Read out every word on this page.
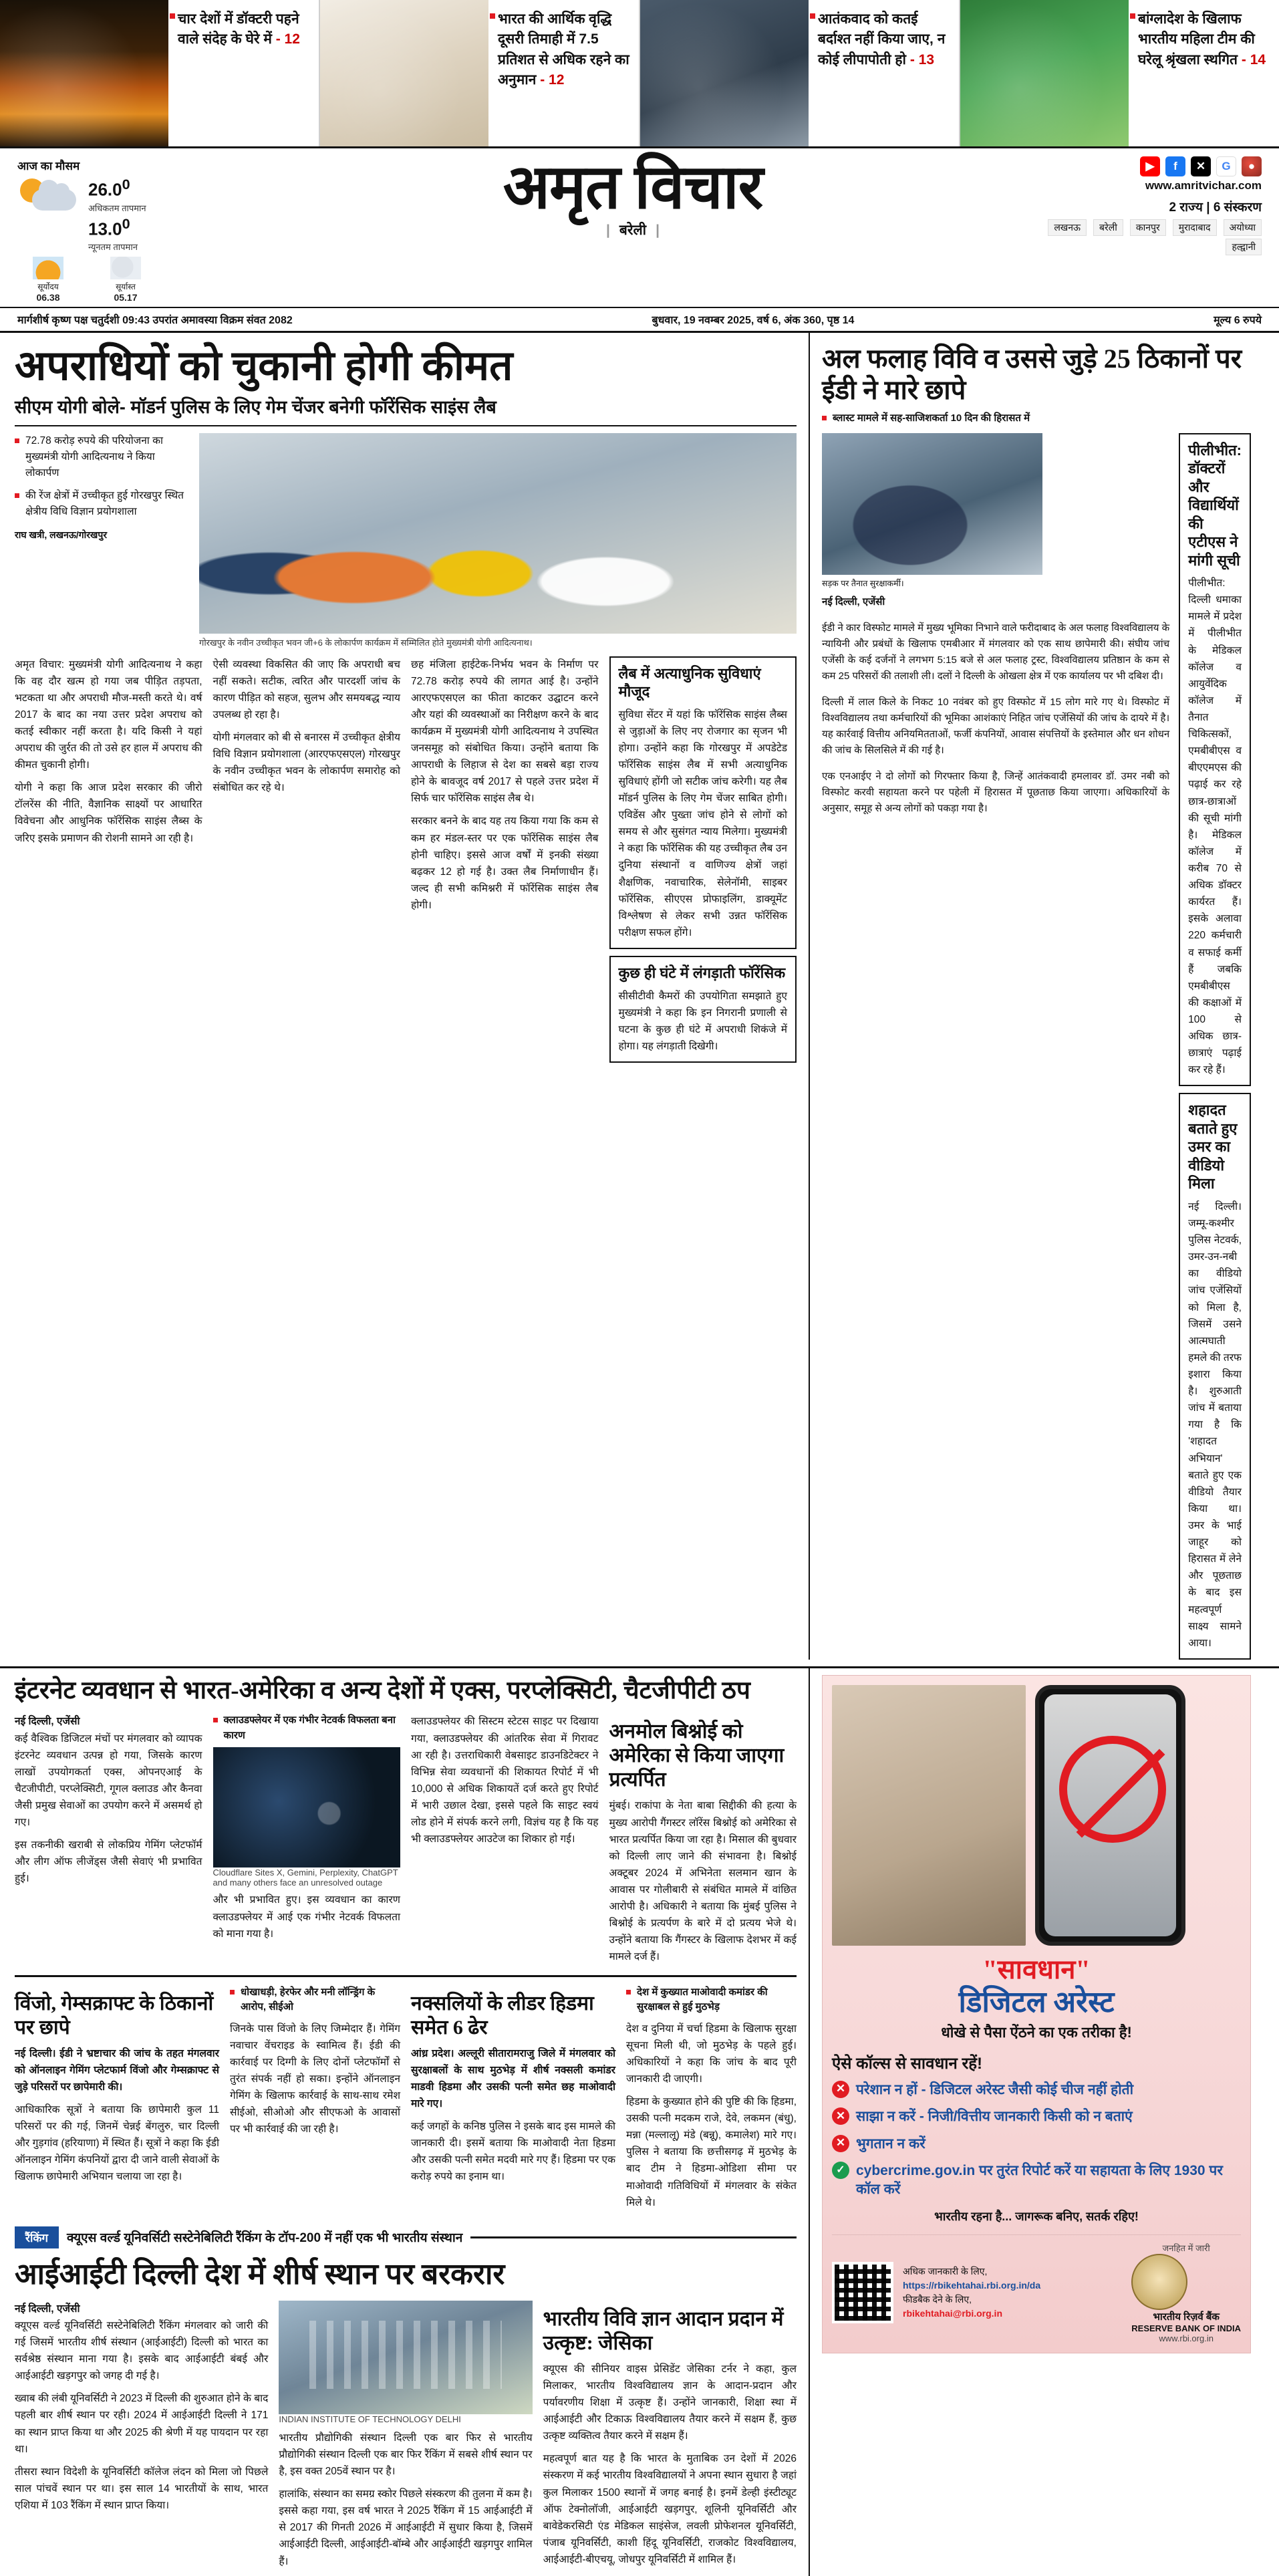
चार देशों में डॉक्टरी पहने वाले संदेह के घेरे में - 12
भारत की आर्थिक वृद्धि दूसरी तिमाही में 7.5 प्रतिशत से अधिक रहने का अनुमान - 12
आतंकवाद को कतई बर्दाश्त नहीं किया जाए, न कोई लीपापोती हो - 13
बांग्लादेश के खिलाफ भारतीय महिला टीम की घरेलू श्रृंखला स्थगित - 14
आज का मौसम
26.0$^0$
अधिकतम तापमान
13.0$^0$
न्यूनतम तापमान
सूर्योदय
06.38
सूर्यास्त
05.17
अमृत विचार
| बरेली |
▶	f	✕	G	●
www.amritvichar.com
2 राज्य | 6 संस्करण
लखनऊ	बरेली	कानपुर	मुरादाबाद	अयोध्या
हल्द्वानी
मार्गशीर्ष कृष्ण पक्ष चतुर्दशी 09:43 उपरांत अमावस्या विक्रम संवत 2082	बुधवार, 19 नवम्बर 2025, वर्ष 6, अंक 360, पृष्ठ 14	मूल्य 6 रुपये
अपराधियों को चुकानी होगी कीमत
सीएम योगी बोले- मॉडर्न पुलिस के लिए गेम चेंजर बनेगी फॉरेंसिक साइंस लैब
72.78 करोड़ रुपये की परियोजना का मुख्यमंत्री योगी आदित्यनाथ ने किया लोकार्पण
की रेंज क्षेत्रों में उच्चीकृत हुई गोरखपुर स्थित क्षेत्रीय विधि विज्ञान प्रयोगशाला
राघ खत्री, लखनऊ/गोरखपुर
गोरखपुर के नवीन उच्चीकृत भवन जी+6 के लोकार्पण कार्यक्रम में सम्मिलित होते मुख्यमंत्री योगी आदित्यनाथ।

अमृत विचार: मुख्यमंत्री योगी आदित्यनाथ ने कहा कि वह दौर खत्म हो गया जब पीड़ित तड़पता, भटकता था और अपराधी मौज-मस्ती करते थे। वर्ष 2017 के बाद का नया उत्तर प्रदेश अपराध को कतई स्वीकार नहीं करता है। यदि किसी ने यहां अपराध की जुर्रत की तो उसे हर हाल में अपराध की कीमत चुकानी होगी।

योगी ने कहा कि आज प्रदेश सरकार की जीरो टॉलरेंस की नीति, वैज्ञानिक साक्ष्यों पर आधारित विवेचना और आधुनिक फॉरेंसिक साइंस लैब्स के जरिए इसके प्रमाणन की रोशनी सामने आ रही है।

ऐसी व्यवस्था विकसित की जाए कि अपराधी बच नहीं सकते। सटीक, त्वरित और पारदर्शी जांच के कारण पीड़ित को सहज, सुलभ और समयबद्ध न्याय उपलब्ध हो रहा है।

योगी मंगलवार को बी से बनारस में उच्चीकृत क्षेत्रीय विधि विज्ञान प्रयोगशाला (आरएफएसएल) गोरखपुर के नवीन उच्चीकृत भवन के लोकार्पण समारोह को संबोधित कर रहे थे।

छह मंजिला हाईटेक-निर्भय भवन के निर्माण पर 72.78 करोड़ रुपये की लागत आई है। उन्होंने आरएफएसएल का फीता काटकर उद्घाटन करने और यहां की व्यवस्थाओं का निरीक्षण करने के बाद कार्यक्रम में मुख्यमंत्री योगी आदित्यनाथ ने उपस्थित जनसमूह को संबोधित किया। उन्होंने बताया कि आपराधी के लिहाज से देश का सबसे बड़ा राज्य होने के बावजूद वर्ष 2017 से पहले उत्तर प्रदेश में सिर्फ चार फॉरेंसिक साइंस लैब थे।

सरकार बनने के बाद यह तय किया गया कि कम से कम हर मंडल-स्तर पर एक फॉरेंसिक साइंस लैब होनी चाहिए। इससे आज वर्षों में इनकी संख्या बढ़कर 12 हो गई है। उक्त लैब निर्माणाधीन हैं। जल्द ही सभी कमिश्नरी में फॉरेंसिक साइंस लैब होगी।

लैब में अत्याधुनिक सुविधाएं मौजूद
सुविधा सेंटर में यहां कि फॉरेंसिक साइंस लैब्स से जुड़ाओं के लिए नए रोजगार का सृजन भी होगा। उन्होंने कहा कि गोरखपुर में अपडेटेड फॉरेंसिक साइंस लैब में सभी अत्याधुनिक सुविधाएं होंगी जो सटीक जांच करेगी। यह लैब मॉडर्न पुलिस के लिए गेम चेंजर साबित होगी। एविडेंस और पुख्ता जांच होने से लोगों को समय से और सुसंगत न्याय मिलेगा। मुख्यमंत्री ने कहा कि फॉरेंसिक की यह उच्चीकृत लैब उन दुनिया संस्थानों व वाणिज्य क्षेत्रों जहां शैक्षणिक, नवाचारिक, सेलेनॉमी, साइबर फॉरेंसिक, सीएएस प्रोफाइलिंग, डाक्यूमेंट विश्लेषण से लेकर सभी उन्नत फॉरेंसिक परीक्षण सफल होंगे।
कुछ ही घंटे में लंगड़ाती फॉरेंसिक
सीसीटीवी कैमरों की उपयोगिता समझाते हुए मुख्यमंत्री ने कहा कि इन निगरानी प्रणाली से घटना के कुछ ही घंटे में अपराधी शिकंजे में होगा। यह लंगड़ाती दिखेगी।
अल फलाह विवि व उससे जुड़े 25 ठिकानों पर ईडी ने मारे छापे
ब्लास्ट मामले में सह-साजिशकर्ता 10 दिन की हिरासत में
सड़क पर तैनात सुरक्षाकर्मी।
नई दिल्ली, एजेंसी

ईडी ने कार विस्फोट मामले में मुख्य भूमिका निभाने वाले फरीदाबाद के अल फलाह विश्वविद्यालय के न्यायिनी और प्रबंधों के खिलाफ एमबीआर में मंगलवार को एक साथ छापेमारी की। संघीय जांच एजेंसी के कई दर्जनों ने लगभग 5:15 बजे से अल फलाह ट्रस्ट, विश्वविद्यालय प्रतिष्ठान के कम से कम 25 परिसरों की तलाशी ली। दलों ने दिल्ली के ओखला क्षेत्र में एक कार्यालय पर भी दबिश दी।

दिल्ली में लाल किले के निकट 10 नवंबर को हुए विस्फोट में 15 लोग मारे गए थे। विस्फोट में विश्वविद्यालय तथा कर्मचारियों की भूमिका आशंकाएं निहित जांच एजेंसियों की जांच के दायरे में है। यह कार्रवाई वित्तीय अनियमितताओं, फर्जी कंपनियों, आवास संपत्तियों के इस्तेमाल और धन शोधन की जांच के सिलसिले में की गई है।

एक एनआईए ने दो लोगों को गिरफ्तार किया है, जिन्हें आतंकवादी हमलावर डॉ. उमर नबी को विस्फोट करवी सहायता करने पर पहेली में हिरासत में पूछताछ किया जाएगा। अधिकारियों के अनुसार, समूह से अन्य लोगों को पकड़ा गया है।

पीलीभीत: डॉक्टरों और विद्यार्थियों की एटीएस ने मांगी सूची
पीलीभीत: दिल्ली धमाका मामले में प्रदेश में पीलीभीत के मेडिकल कॉलेज व आयुर्वेदिक कॉलेज में तैनात चिकित्सकों, एमबीबीएस व बीएएमएस की पढ़ाई कर रहे छात्र-छात्राओं की सूची मांगी है। मेडिकल कॉलेज में करीब 70 से अधिक डॉक्टर कार्यरत हैं। इसके अलावा 220 कर्मचारी व सफाई कर्मी हैं जबकि एमबीबीएस की कक्षाओं में 100 से अधिक छात्र-छात्राएं पढ़ाई कर रहे हैं।
शहादत बताते हुए उमर का वीडियो मिला
नई दिल्ली। जम्मू-कश्मीर पुलिस नेटवर्क, उमर-उन-नबी का वीडियो जांच एजेंसियों को मिला है, जिसमें उसने आत्मघाती हमले की तरफ इशारा किया है। शुरुआती जांच में बताया गया है कि 'शहादत अभियान' बताते हुए एक वीडियो तैयार किया था। उमर के भाई जाहूर को हिरासत में लेने और पूछताछ के बाद इस महत्वपूर्ण साक्ष्य सामने आया।
इंटरनेट व्यवधान से भारत-अमेरिका व अन्य देशों में एक्स, परप्लेक्सिटी, चैटजीपीटी ठप
नई दिल्ली, एजेंसी

कई वैश्विक डिजिटल मंचों पर मंगलवार को व्यापक इंटरनेट व्यवधान उत्पन्न हो गया, जिसके कारण लाखों उपयोगकर्ता एक्स, ओपनएआई के चैटजीपीटी, परप्लेक्सिटी, गूगल क्लाउड और कैनवा जैसी प्रमुख सेवाओं का उपयोग करने में असमर्थ हो गए।

इस तकनीकी खराबी से लोकप्रिय गेमिंग प्लेटफॉर्म और लीग ऑफ लीजेंड्स जैसी सेवाएं भी प्रभावित हुई।

क्लाउडफ्लेयर में एक गंभीर नेटवर्क विफलता बना कारण
Cloudflare Sites X, Gemini, Perplexity, ChatGPT and many others face an unresolved outage

और भी प्रभावित हुए। इस व्यवधान का कारण क्लाउडफ्लेयर में आई एक गंभीर नेटवर्क विफलता को माना गया है।

क्लाउडफ्लेयर की सिस्टम स्टेटस साइट पर दिखाया गया, क्लाउडफ्लेयर की आंतरिक सेवा में गिरावट आ रही है। उत्तराधिकारी वेबसाइट डाउनडिटेक्टर ने विभिन्न सेवा व्यवधानों की शिकायत रिपोर्ट में भी 10,000 से अधिक शिकायतें दर्ज करते हुए रिपोर्ट में भारी उछाल देखा, इससे पहले कि साइट स्वयं लोड होने में संपर्क करने लगी, विज्ञंच यह है कि यह भी क्लाउडफ्लेयर आउटेज का शिकार हो गई।

अनमोल बिश्नोई को अमेरिका से किया जाएगा प्रत्यर्पित
मुंबई। राकांपा के नेता बाबा सिद्दीकी की हत्या के मुख्य आरोपी गैंगस्टर लॉरेंस बिश्नोई को अमेरिका से भारत प्रत्यर्पित किया जा रहा है। मिसाल की बुधवार को दिल्ली लाए जाने की संभावना है। बिश्नोई अक्टूबर 2024 में अभिनेता सलमान खान के आवास पर गोलीबारी से संबंधित मामले में वांछित आरोपी है। अधिकारी ने बताया कि मुंबई पुलिस ने बिश्नोई के प्रत्यर्पण के बारे में दो प्रत्यय भेजे थे। उन्होंने बताया कि गैंगस्टर के खिलाफ देशभर में कई मामले दर्ज हैं।
विंजो, गेम्सक्राफ्ट के ठिकानों पर छापे

नई दिल्ली। ईडी ने भ्रष्टाचार की जांच के तहत मंगलवार को ऑनलाइन गेमिंग प्लेटफार्म विंजो और गेम्सक्राफ्ट से जुड़े परिसरों पर छापेमारी की।

आधिकारिक सूत्रों ने बताया कि छापेमारी कुल 11 परिसरों पर की गई, जिनमें चेन्नई बेंगलुरु, चार दिल्ली और गुड़गांव (हरियाणा) में स्थित हैं। सूत्रों ने कहा कि ईडी ऑनलाइन गेमिंग कंपनियों द्वारा दी जाने वाली सेवाओं के खिलाफ छापेमारी अभियान चलाया जा रहा है।

धोखाधड़ी, हेरफेर और मनी लॉन्ड्रिंग के आरोप, सीईओ

जिनके पास विंजो के लिए जिम्मेदार हैं। गेमिंग नवाचार वेंचराइड के स्वामित्व हैं। ईडी की कार्रवाई पर दिग्गी के लिए दोनों प्लेटफॉर्मों से तुरंत संपर्क नहीं हो सका। इन्होंने ऑनलाइन गेमिंग के खिलाफ कार्रवाई के साथ-साथ रमेश सीईओ, सीओओ और सीएफओ के आवासों पर भी कार्रवाई की जा रही है।

नक्सलियों के लीडर हिडमा समेत 6 ढेर

आंध्र प्रदेश। अल्लूरी सीतारामराजु जिले में मंगलवार को सुरक्षाबलों के साथ मुठभेड़ में शीर्ष नक्सली कमांडर माडवी हिडमा और उसकी पत्नी समेत छह माओवादी मारे गए।

कई जगहों के कनिष्ठ पुलिस ने इसके बाद इस मामले की जानकारी दी। इसमें बताया कि माओवादी नेता हिडमा और उसकी पत्नी समेत मदवी मारे गए हैं। हिडमा पर एक करोड़ रुपये का इनाम था।

देश में कुख्यात माओवादी कमांडर की सुरक्षाबल से हुई मुठभेड़

देश व दुनिया में चर्चा हिडमा के खिलाफ सुरक्षा सूचना मिली थी, जो मुठभेड़ के पहले हुई। अधिकारियों ने कहा कि जांच के बाद पूरी जानकारी दी जाएगी।

हिडमा के कुख्यात होने की पुष्टि की कि हिडमा, उसकी पत्नी मदकम राजे, देवे, लकमन (बंधु), मन्ना (मल्लालू) मंडे (बन्नू), कमालेश) मारे गए। पुलिस ने बताया कि छत्तीसगढ़ में मुठभेड़ के बाद टीम ने हिडमा-ओडिशा सीमा पर माओवादी गतिविधियों में मंगलवार के संकेत मिले थे।

रैंकिंग	क्यूएस वर्ल्ड यूनिवर्सिटी सस्टेनेबिलिटी रैंकिंग के टॉप-200 में नहीं एक भी भारतीय संस्थान
आईआईटी दिल्ली देश में शीर्ष स्थान पर बरकरार
नई दिल्ली, एजेंसी

क्यूएस वर्ल्ड यूनिवर्सिटी सस्टेनेबिलिटी रैंकिंग मंगलवार को जारी की गई जिसमें भारतीय शीर्ष संस्थान (आईआईटी) दिल्ली को भारत का सर्वश्रेष्ठ संस्थान माना गया है। इसके बाद आईआईटी बंबई और आईआईटी खड़गपुर को जगह दी गई है।

ख्वाब की लंबी यूनिवर्सिटी ने 2023 में दिल्ली की शुरुआत होने के बाद पहली बार शीर्ष स्थान पर रही। 2024 में आईआईटी दिल्ली ने 171 का स्थान प्राप्त किया था और 2025 की श्रेणी में यह पायदान पर रहा था।

तीसरा स्थान विदेशी के यूनिवर्सिटी कॉलेज लंदन को मिला जो पिछले साल पांचवें स्थान पर था। इस साल 14 भारतीयों के साथ, भारत एशिया में 103 रैंकिंग में स्थान प्राप्त किया।

INDIAN INSTITUTE OF TECHNOLOGY DELHI

भारतीय प्रौद्योगिकी संस्थान दिल्ली एक बार फिर से भारतीय प्रौद्योगिकी संस्थान दिल्ली एक बार फिर रैंकिंग में सबसे शीर्ष स्थान पर है, इस वक्त 205वें स्थान पर है।

हालांकि, संस्थान का समग्र स्कोर पिछले संस्करण की तुलना में कम है। इससे कहा गया, इस वर्ष भारत ने 2025 रैंकिंग में 15 आईआईटी में से 2017 की गिनती 2026 में आईआईटी में सुधार किया है, जिसमें आईआईटी दिल्ली, आईआईटी-बॉम्बे और आईआईटी खड़गपुर शामिल हैं।

भारतीय विवि ज्ञान आदान प्रदान में उत्कृष्ट: जेसिका

क्यूएस की सीनियर वाइस प्रेसिडेंट जेसिका टर्नर ने कहा, कुल मिलाकर, भारतीय विश्वविद्यालय ज्ञान के आदान-प्रदान और पर्यावरणीय शिक्षा में उत्कृष्ट हैं। उन्होंने जानकारी, शिक्षा स्था में आईआईटी और टिकाऊ विश्वविद्यालय तैयार करने में सक्षम हैं, कुछ उत्कृष्ट व्यक्तित्व तैयार करने में सक्षम हैं।

महत्वपूर्ण बात यह है कि भारत के मुताबिक उन देशों में 2026 संस्करण में कई भारतीय विश्वविद्यालयों ने अपना स्थान सुधारा है जहां कुल मिलाकर 1500 स्थानों में जगह बनाई है। इनमें डेल्ही इंस्टीट्यूट ऑफ टेक्नोलॉजी, आईआईटी खड़गपुर, शूलिनी यूनिवर्सिटी और बावेडेकरसिटी एंड मेडिकल साइंसेज, लवली प्रोफेशनल यूनिवर्सिटी, पंजाब यूनिवर्सिटी, काशी हिंदू यूनिवर्सिटी, राजकोट विश्वविद्यालय, आईआईटी-बीएचयू, जोधपुर यूनिवर्सिटी में शामिल हैं।

"सावधान"
डिजिटल अरेस्ट
धोखे से पैसा ऐंठने का एक तरीका है!
ऐसे कॉल्स से सावधान रहें!
✕ परेशान न हों - डिजिटल अरेस्ट जैसी कोई चीज नहीं होती
✕ साझा न करें - निजी/वित्तीय जानकारी किसी को न बताएं
✕ भुगतान न करें
✓ cybercrime.gov.in पर तुरंत रिपोर्ट करें या सहायता के लिए 1930 पर कॉल करें
भारतीय रहना है... जागरूक बनिए, सतर्क रहिए!
अधिक जानकारी के लिए,
https://rbikehtahai.rbi.org.in/da
फीडबैक देने के लिए,
rbikehtahai@rbi.org.in
जनहित में जारी
भारतीय रिज़र्व बैंक
RESERVE BANK OF INDIA
www.rbi.org.in
